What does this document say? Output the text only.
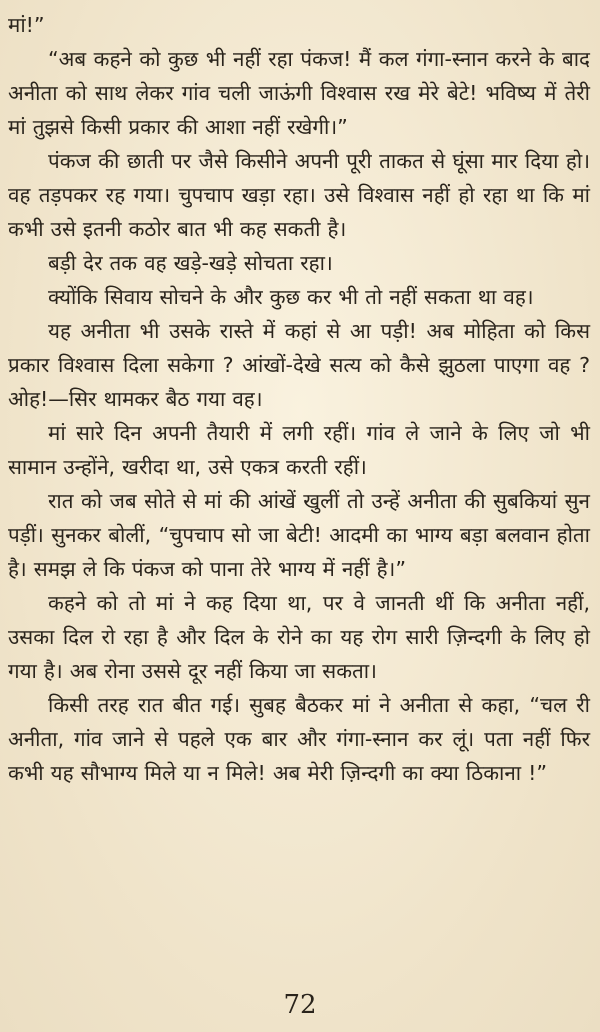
मां!”

“अब कहने को कुछ भी नहीं रहा पंकज! मैं कल गंगा-स्नान करने के बाद अनीता को साथ लेकर गांव चली जाऊंगी विश्वास रख मेरे बेटे! भविष्य में तेरी मां तुझसे किसी प्रकार की आशा नहीं रखेगी।”

पंकज की छाती पर जैसे किसीने अपनी पूरी ताकत से घूंसा मार दिया हो। वह तड़पकर रह गया। चुपचाप खड़ा रहा। उसे विश्वास नहीं हो रहा था कि मां कभी उसे इतनी कठोर बात भी कह सकती है।

बड़ी देर तक वह खड़े-खड़े सोचता रहा।

क्योंकि सिवाय सोचने के और कुछ कर भी तो नहीं सकता था वह।

यह अनीता भी उसके रास्ते में कहां से आ पड़ी! अब मोहिता को किस प्रकार विश्वास दिला सकेगा ? आंखों-देखे सत्य को कैसे झुठला पाएगा वह ? ओह!—सिर थामकर बैठ गया वह।

मां सारे दिन अपनी तैयारी में लगी रहीं। गांव ले जाने के लिए जो भी सामान उन्होंने, खरीदा था, उसे एकत्र करती रहीं।

रात को जब सोते से मां की आंखें खुलीं तो उन्हें अनीता की सुबकियां सुन पड़ीं। सुनकर बोलीं, “चुपचाप सो जा बेटी! आदमी का भाग्य बड़ा बलवान होता है। समझ ले कि पंकज को पाना तेरे भाग्य में नहीं है।”

कहने को तो मां ने कह दिया था, पर वे जानती थीं कि अनीता नहीं, उसका दिल रो रहा है और दिल के रोने का यह रोग सारी ज़िन्दगी के लिए हो गया है। अब रोना उससे दूर नहीं किया जा सकता।

किसी तरह रात बीत गई। सुबह बैठकर मां ने अनीता से कहा, “चल री अनीता, गांव जाने से पहले एक बार और गंगा-स्नान कर लूं। पता नहीं फिर कभी यह सौभाग्य मिले या न मिले! अब मेरी ज़िन्दगी का क्या ठिकाना !”

72
